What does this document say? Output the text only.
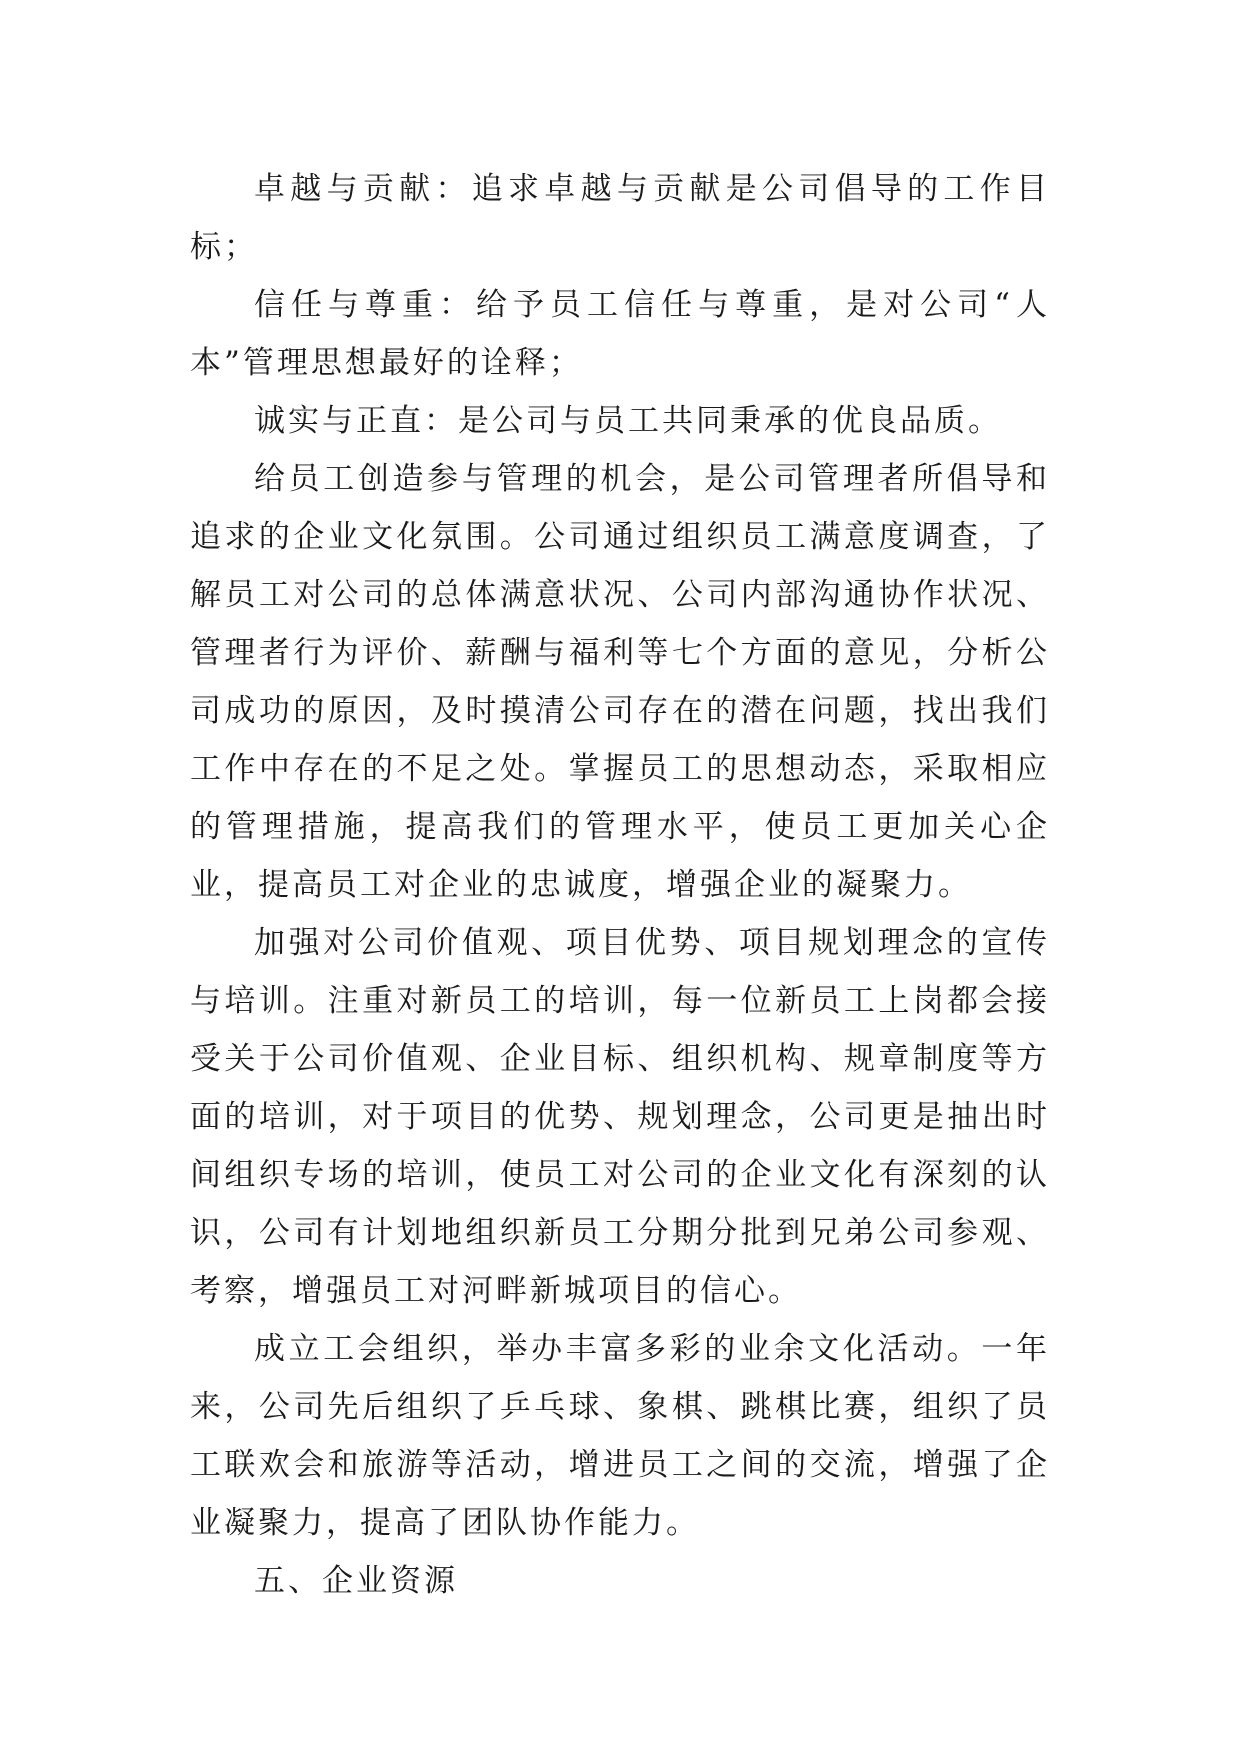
卓越与贡献：追求卓越与贡献是公司倡导的工作目标；

信任与尊重：给予员工信任与尊重，是对公司“人本”管理思想最好的诠释；

诚实与正直：是公司与员工共同秉承的优良品质。

给员工创造参与管理的机会，是公司管理者所倡导和追求的企业文化氛围。公司通过组织员工满意度调查，了解员工对公司的总体满意状况、公司内部沟通协作状况、管理者行为评价、薪酬与福利等七个方面的意见，分析公司成功的原因，及时摸清公司存在的潜在问题，找出我们工作中存在的不足之处。掌握员工的思想动态，采取相应的管理措施，提高我们的管理水平，使员工更加关心企业，提高员工对企业的忠诚度，增强企业的凝聚力。

加强对公司价值观、项目优势、项目规划理念的宣传与培训。注重对新员工的培训，每一位新员工上岗都会接受关于公司价值观、企业目标、组织机构、规章制度等方面的培训，对于项目的优势、规划理念，公司更是抽出时间组织专场的培训，使员工对公司的企业文化有深刻的认识，公司有计划地组织新员工分期分批到兄弟公司参观、考察，增强员工对河畔新城项目的信心。

成立工会组织，举办丰富多彩的业余文化活动。一年来，公司先后组织了乒乓球、象棋、跳棋比赛，组织了员工联欢会和旅游等活动，增进员工之间的交流，增强了企业凝聚力，提高了团队协作能力。

五、企业资源
